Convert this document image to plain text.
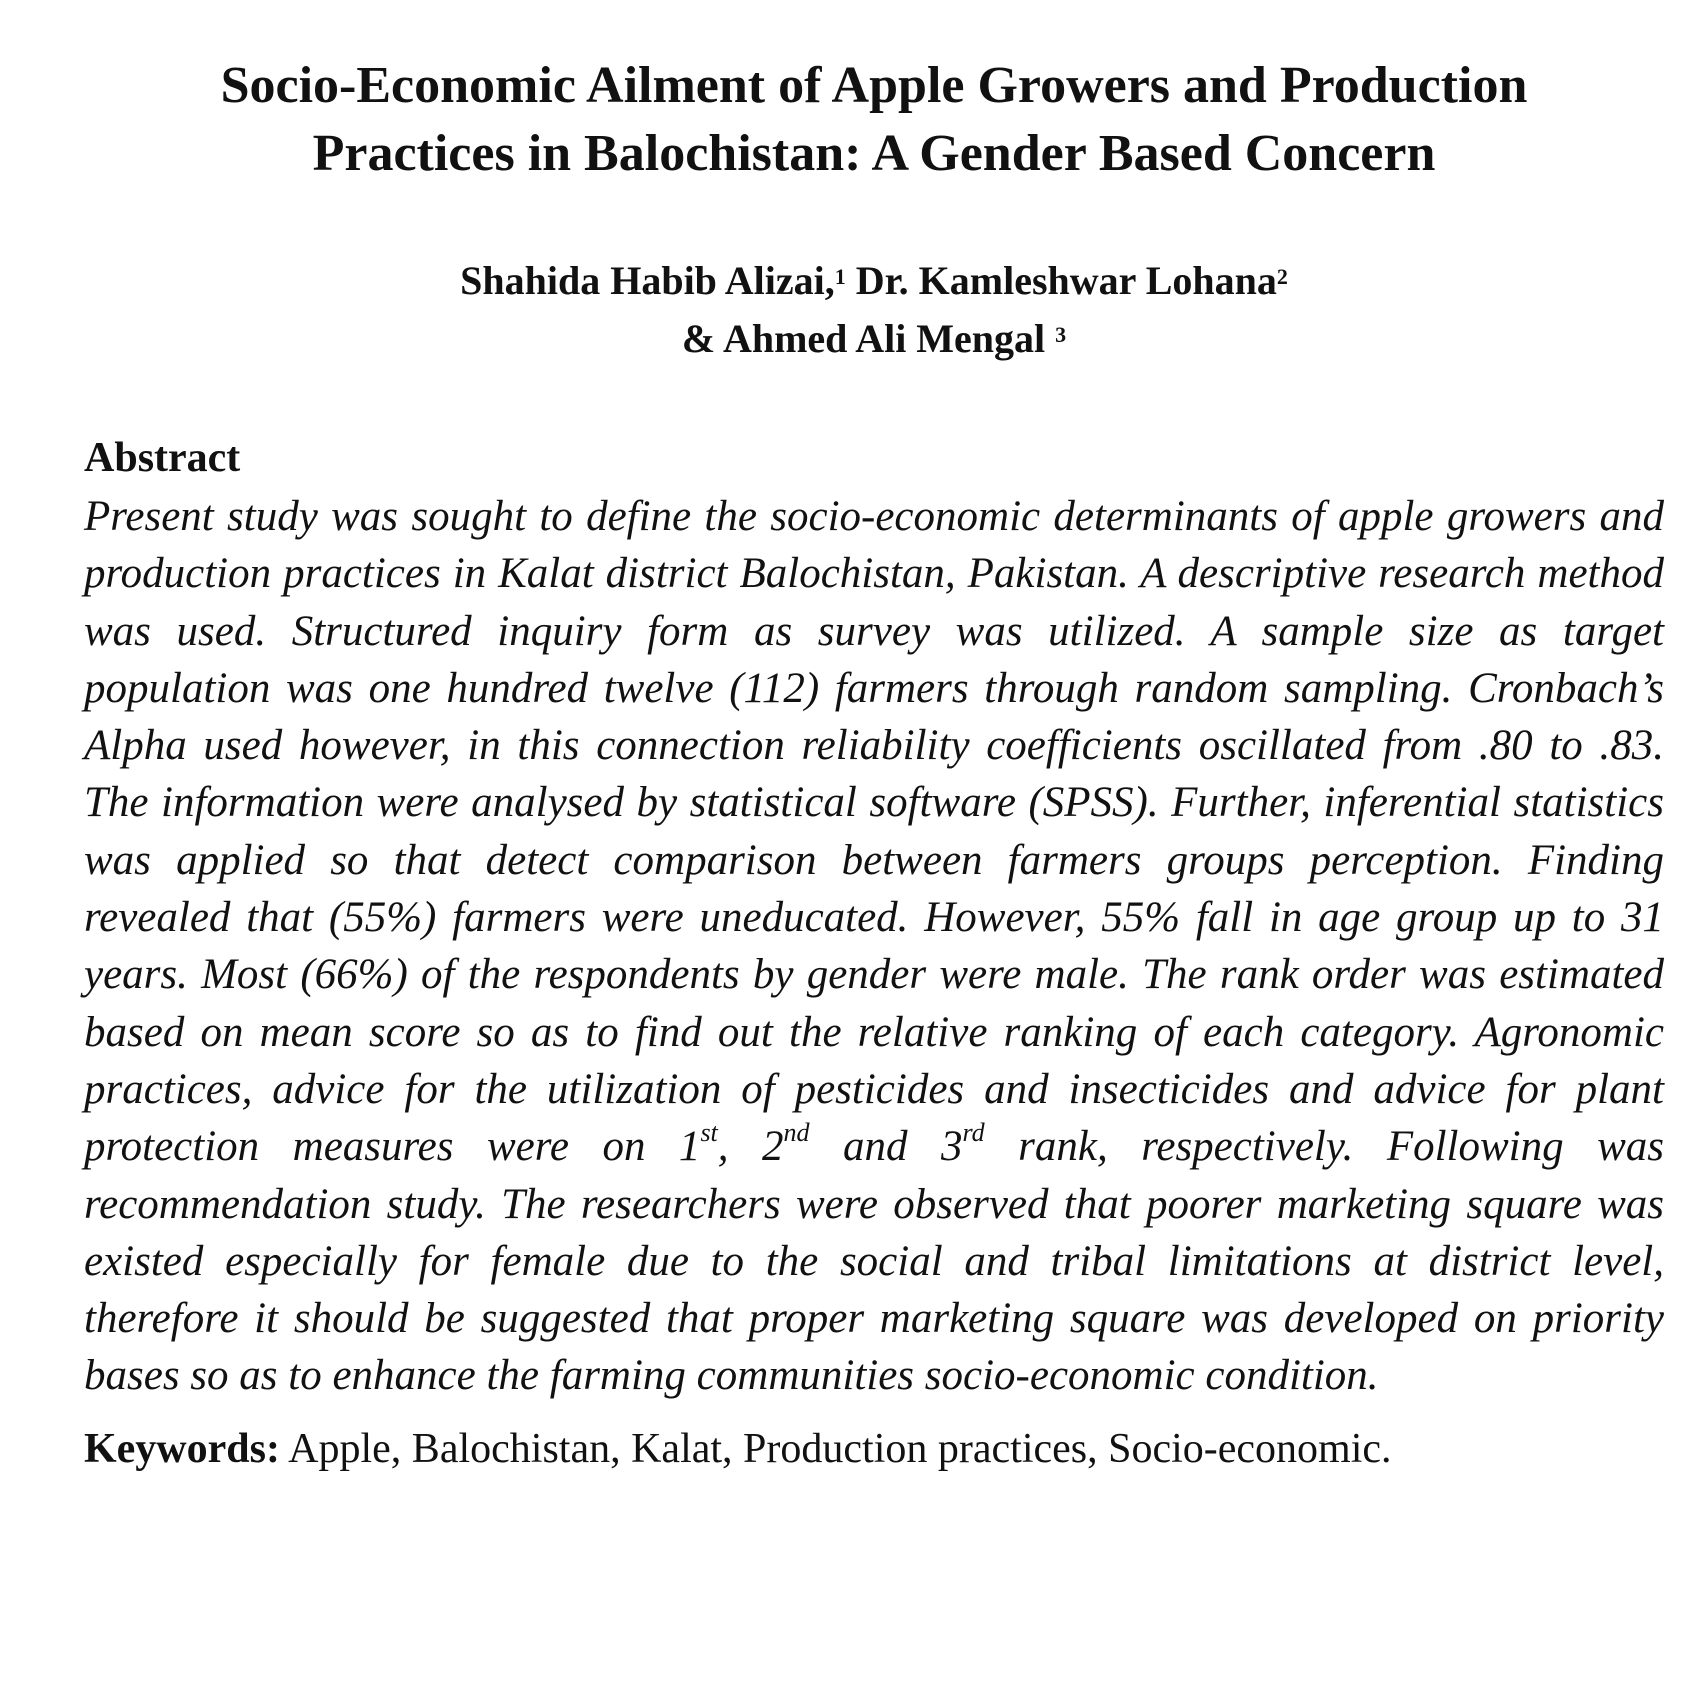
Socio-Economic Ailment of Apple Growers and Production
Practices in Balochistan: A Gender Based Concern
Shahida Habib Alizai,$^1$ Dr. Kamleshwar Lohana$^2$
& Ahmed Ali Mengal $^3$
Abstract

Present study was sought to define the socio-economic determinants of apple growers and production practices in Kalat district Balochistan, Pakistan. A descriptive research method was used. Structured inquiry form as survey was utilized. A sample size as target population was one hundred twelve (112) farmers through random sampling. Cronbach’s Alpha used however, in this connection reliability coefficients oscillated from .80 to .83. The information were analysed by statistical software (SPSS). Further, inferential statistics was applied so that detect comparison between farmers groups perception. Finding revealed that (55%) farmers were uneducated. However, 55% fall in age group up to 31 years. Most (66%) of the respondents by gender were male. The rank order was estimated based on mean score so as to find out the relative ranking of each category. Agronomic practices, advice for the utilization of pesticides and insecticides and advice for plant protection measures were on 1st, 2nd and 3rd rank, respectively. Following was recommendation study. The researchers were observed that poorer marketing square was existed especially for female due to the social and tribal limitations at district level, therefore it should be suggested that proper marketing square was developed on priority bases so as to enhance the farming communities socio-economic condition.

Keywords: Apple, Balochistan, Kalat, Production practices, Socio-economic.
